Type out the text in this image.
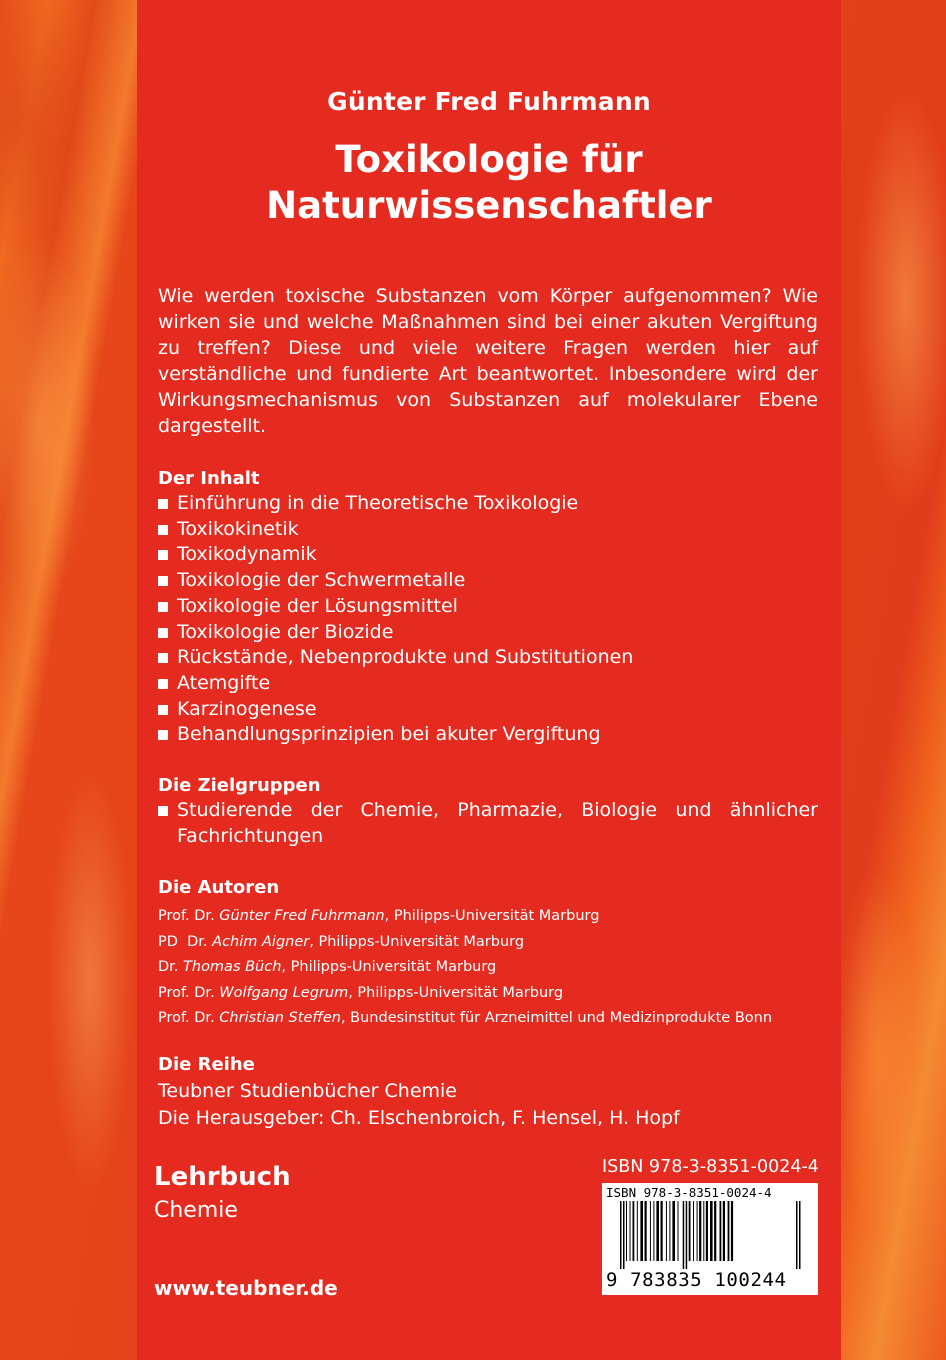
Günter Fred Fuhrmann
Toxikologie für
Naturwissenschaftler
Wie werden toxische Substanzen vom Körper aufgenommen? Wie wirken sie und welche Maßnahmen sind bei einer akuten Vergiftung zu treffen? Diese und viele weitere Fragen werden hier auf verständliche und fundierte Art beantwortet. Inbesondere wird der Wirkungsmechanismus von Substanzen auf molekularer Ebene dargestellt.
Der Inhalt
Einführung in die Theoretische Toxikologie
Toxikokinetik
Toxikodynamik
Toxikologie der Schwermetalle
Toxikologie der Lösungsmittel
Toxikologie der Biozide
Rückstände, Nebenprodukte und Substitutionen
Atemgifte
Karzinogenese
Behandlungsprinzipien bei akuter Vergiftung
Die Zielgruppen
Studierende der Chemie, Pharmazie, Biologie und ähnlicher Fachrichtungen
Die Autoren
Prof. Dr. Günter Fred Fuhrmann, Philipps-Universität Marburg
PD  Dr. Achim Aigner, Philipps-Universität Marburg
Dr. Thomas Büch, Philipps-Universität Marburg
Prof. Dr. Wolfgang Legrum, Philipps-Universität Marburg
Prof. Dr. Christian Steffen, Bundesinstitut für Arzneimittel und Medizinprodukte Bonn
Die Reihe
Teubner Studienbücher Chemie
Die Herausgeber: Ch. Elschenbroich, F. Hensel, H. Hopf
Lehrbuch
Chemie
www.teubner.de
ISBN 978-3-8351-0024-4
ISBN 978-3-8351-0024-4
9 783835 100244
